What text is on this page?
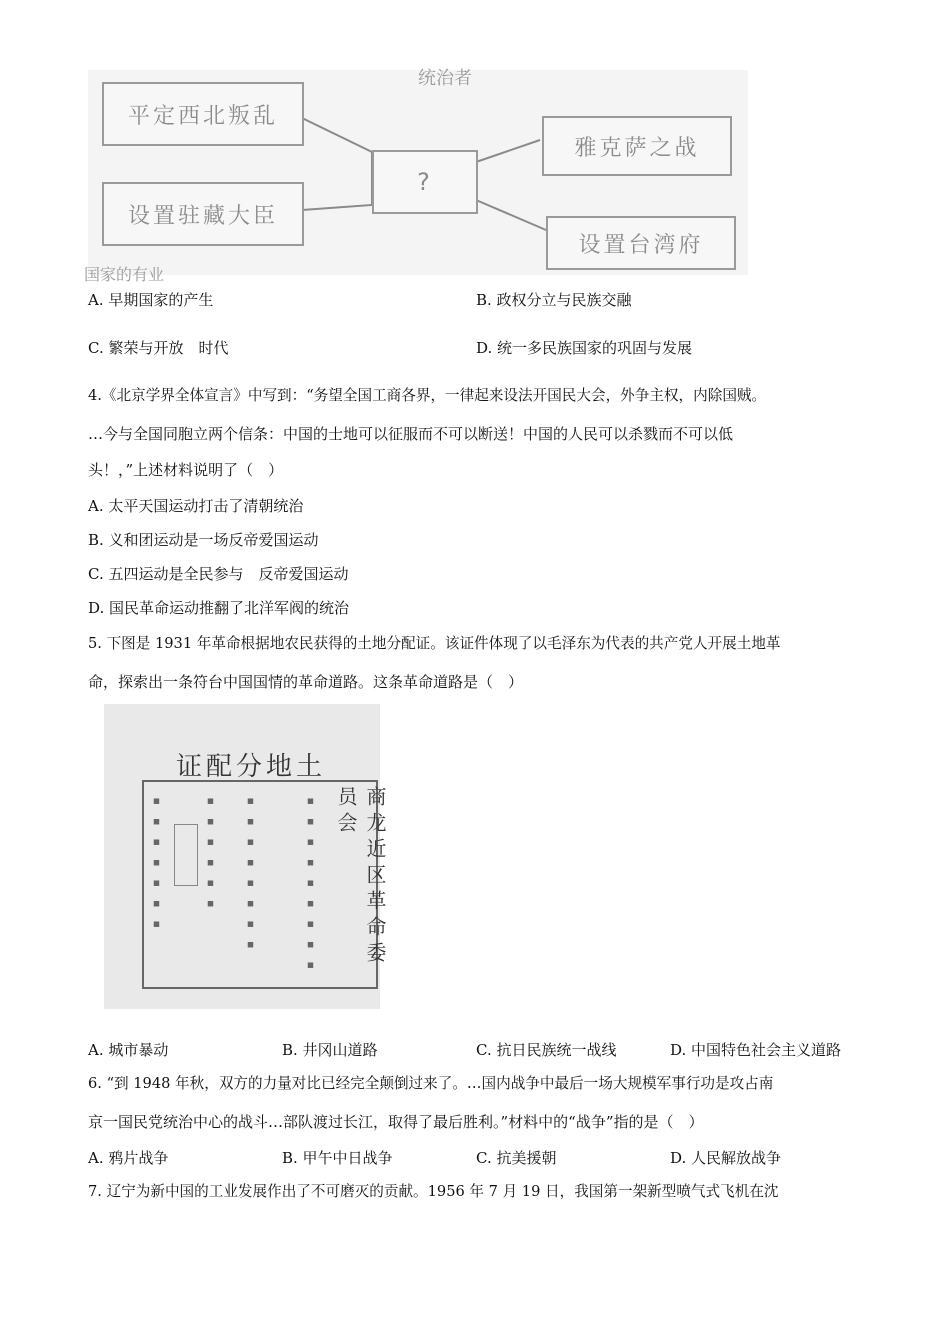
统治者
平定西北叛乱
设置驻藏大臣
?
雅克萨之战
设置台湾府
国家的有业
A. 早期国家的产生	B. 政权分立与民族交融
C. 繁荣与开放　时代	D. 统一多民族国家的巩固与发展
4.《北京学界全体宣言》中写到：“务望全国工商各界，一律起来设法开国民大会，外争主权，内除国贼。
…今与全国同胞立两个信条：中国的士地可以征服而不可以断送！中国的人民可以杀戮而不可以低
头！，”上述材料说明了（　）
A. 太平天国运动打击了清朝统治
B. 义和团运动是一场反帝爱国运动
C. 五四运动是全民参与　反帝爱国运动
D. 国民革命运动推翻了北洋军阀的统治
5. 下图是 1931 年革命根据地农民获得的土地分配证。该证件体现了以毛泽东为代表的共产党人开展土地革
命，探索出一条符台中国国情的革命道路。这条革命道路是（　）
证配分地土
商龙近区革命委员会
▪ ▪ ▪ ▪ ▪ ▪ ▪ ▪ ▪
▪ ▪ ▪ ▪ ▪ ▪ ▪ ▪
▪ ▪ ▪ ▪ ▪ ▪
▪ ▪ ▪ ▪ ▪ ▪ ▪
A. 城市暴动	B. 井冈山道路	C. 抗日民族统一战线	D. 中国特色社会主义道路
6. “到 1948 年秋，双方的力量对比已经完全颠倒过来了。…国内战争中最后一场大规模军事行功是攻占南
京一国民党统治中心的战斗…部队渡过长江，取得了最后胜利。”材料中的“战争”指的是（　）
A. 鸦片战争	B. 甲午中日战争	C. 抗美援朝	D. 人民解放战争
7. 辽宁为新中国的工业发展作出了不可磨灭的贡献。1956 年 7 月 19 日，我国第一架新型喷气式飞机在沈
